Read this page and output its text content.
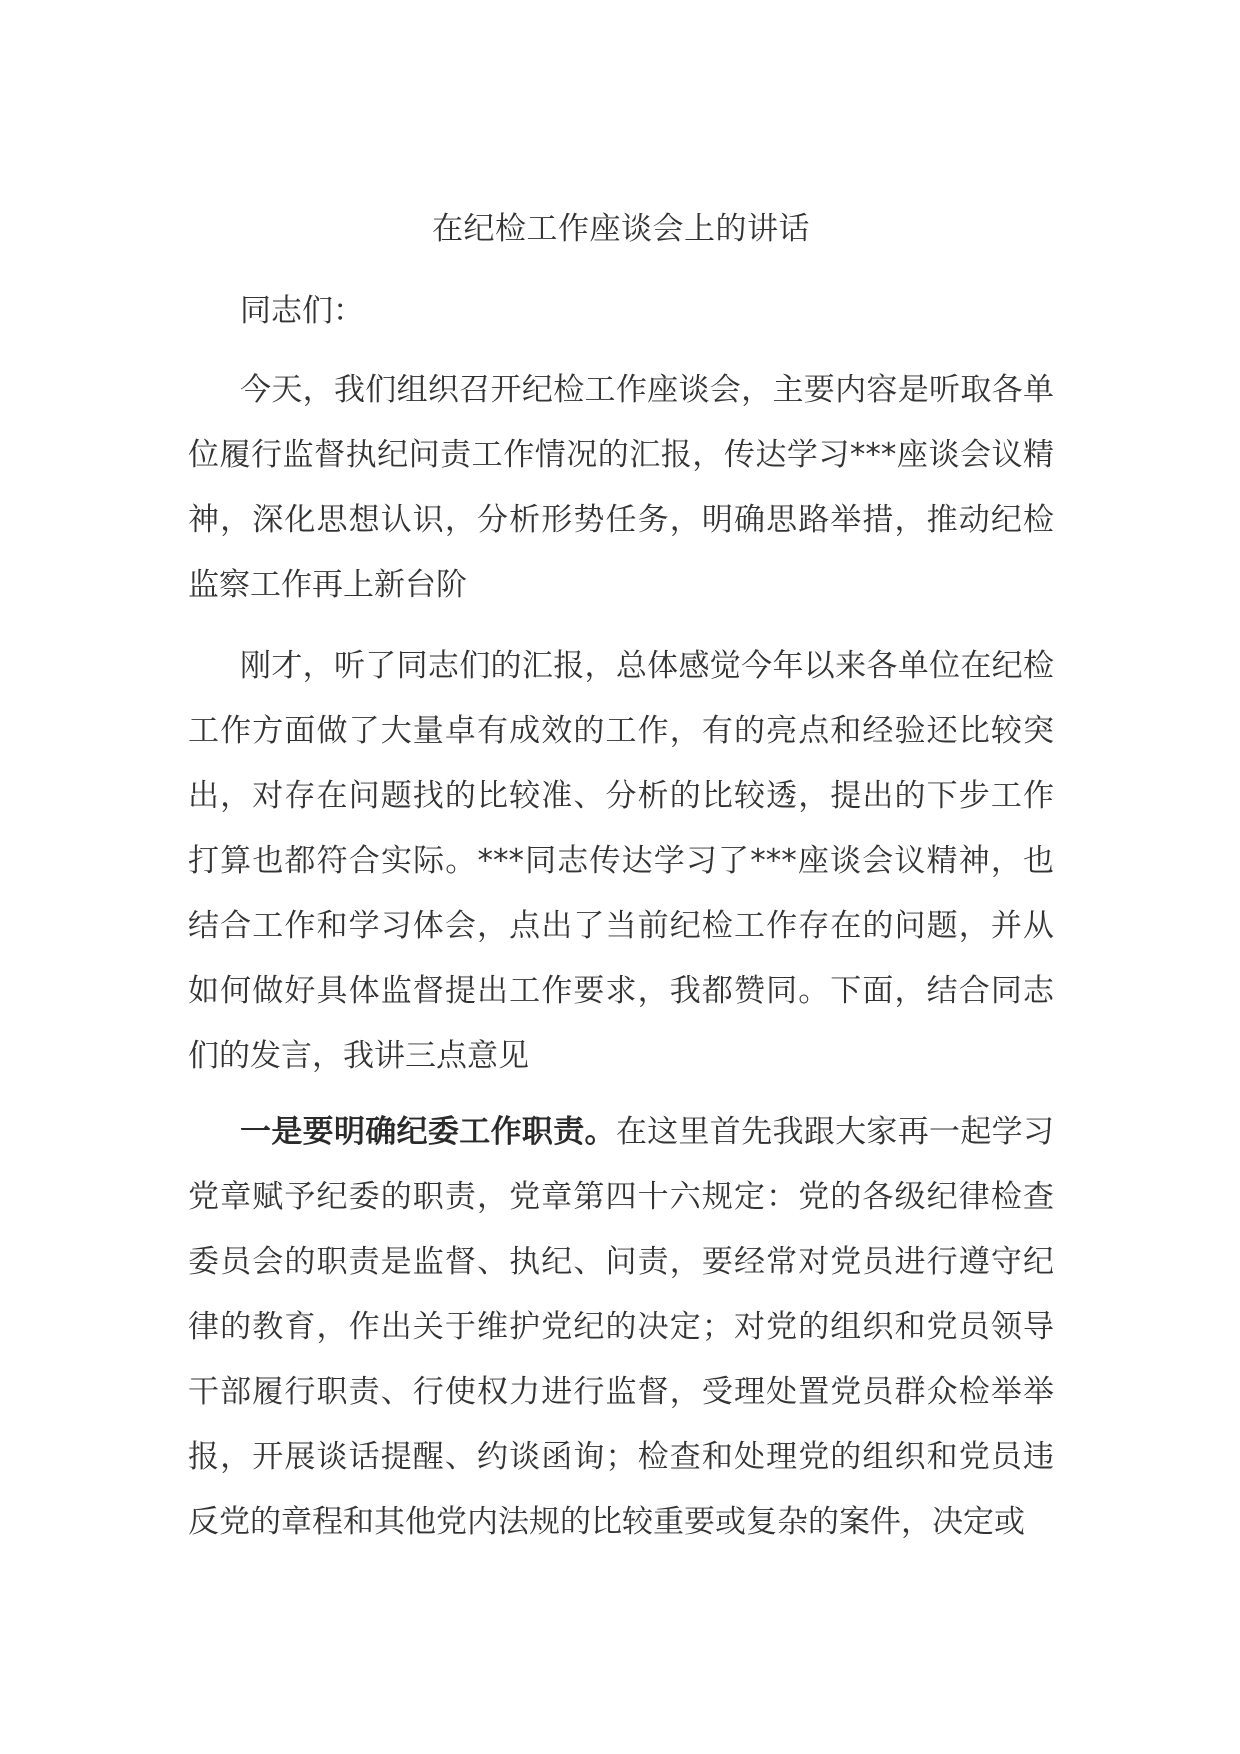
在纪检工作座谈会上的讲话
同志们：

今天，我们组织召开纪检工作座谈会，主要内容是听取各单位履行监督执纪问责工作情况的汇报，传达学习***座谈会议精神，深化思想认识，分析形势任务，明确思路举措，推动纪检监察工作再上新台阶

刚才，听了同志们的汇报，总体感觉今年以来各单位在纪检工作方面做了大量卓有成效的工作，有的亮点和经验还比较突出，对存在问题找的比较准、分析的比较透，提出的下步工作打算也都符合实际。***同志传达学习了***座谈会议精神，也结合工作和学习体会，点出了当前纪检工作存在的问题，并从如何做好具体监督提出工作要求，我都赞同。下面，结合同志们的发言，我讲三点意见

一是要明确纪委工作职责。在这里首先我跟大家再一起学习党章赋予纪委的职责，党章第四十六规定：党的各级纪律检查委员会的职责是监督、执纪、问责，要经常对党员进行遵守纪律的教育，作出关于维护党纪的决定；对党的组织和党员领导干部履行职责、行使权力进行监督，受理处置党员群众检举举报，开展谈话提醒、约谈函询；检查和处理党的组织和党员违反党的章程和其他党内法规的比较重要或复杂的案件，决定或
